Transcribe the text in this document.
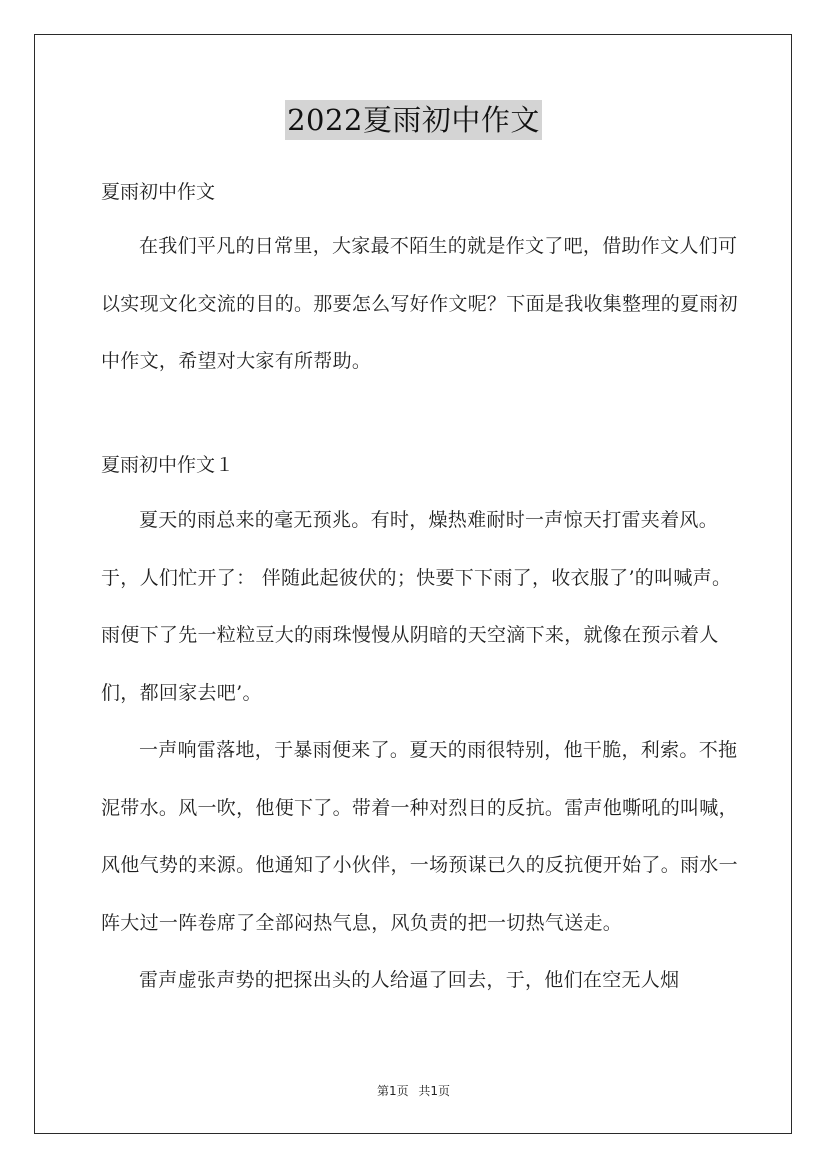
2022夏雨初中作文
夏雨初中作文

在我们平凡的日常里，大家最不陌生的就是作文了吧，借助作文人们可以实现文化交流的目的。那要怎么写好作文呢？下面是我收集整理的夏雨初中作文，希望对大家有所帮助。

夏雨初中作文１

夏天的雨总来的毫无预兆。有时，燥热难耐时一声惊天打雷夹着风。于，人们忙开了： 伴随此起彼伏的；快要下下雨了，收衣服了’的叫喊声。雨便下了先一粒粒豆大的雨珠慢慢从阴暗的天空滴下来，就像在预示着人们，都回家去吧’。

一声响雷落地，于暴雨便来了。夏天的雨很特别，他干脆，利索。不拖泥带水。风一吹，他便下了。带着一种对烈日的反抗。雷声他嘶吼的叫喊，风他气势的来源。他通知了小伙伴，一场预谋已久的反抗便开始了。雨水一阵大过一阵卷席了全部闷热气息，风负责的把一切热气送走。

雷声虚张声势的把探出头的人给逼了回去，于，他们在空无人烟

第1页 共1页
